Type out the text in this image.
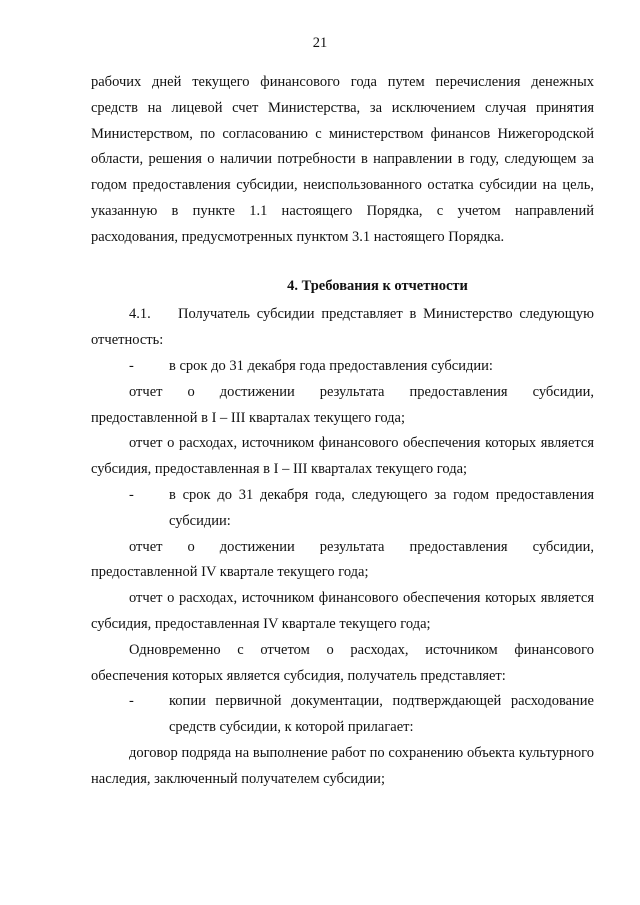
21

рабочих дней текущего финансового года путем перечисления денежных средств на лицевой счет Министерства, за исключением случая принятия Министерством, по согласованию с министерством финансов Нижегородской области, решения о наличии потребности в направлении в году, следующем за годом предоставления субсидии, неиспользованного остатка субсидии на цель, указанную в пункте 1.1 настоящего Порядка, с учетом направлений расходования, предусмотренных пунктом 3.1 настоящего Порядка.

4. Требования к отчетности

4.1.    Получатель субсидии представляет в Министерство следующую отчетность:

- в срок до 31 декабря года предоставления субсидии:

отчет о достижении результата предоставления субсидии, предоставленной в I – III кварталах текущего года;

отчет о расходах, источником финансового обеспечения которых является субсидия, предоставленная в I – III кварталах текущего года;

- в срок до 31 декабря года, следующего за годом предоставления субсидии:

отчет о достижении результата предоставления субсидии, предоставленной IV квартале текущего года;

отчет о расходах, источником финансового обеспечения которых является субсидия, предоставленная IV квартале текущего года;

Одновременно с отчетом о расходах, источником финансового обеспечения которых является субсидия, получатель представляет:

- копии первичной документации, подтверждающей расходование средств субсидии, к которой прилагает:

договор подряда на выполнение работ по сохранению объекта культурного наследия, заключенный получателем субсидии;
